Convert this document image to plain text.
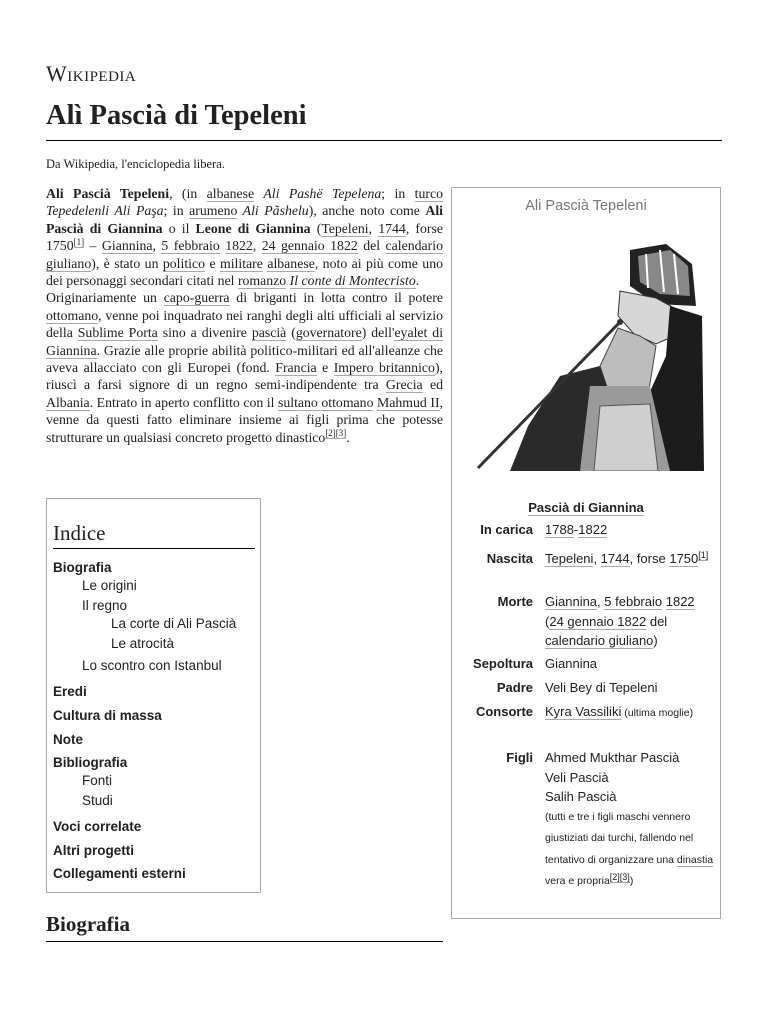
Wikipedia
Alì Pascià di Tepeleni
Da Wikipedia, l'enciclopedia libera.

Ali Pascià Tepeleni, (in albanese Ali Pashë Tepelena; in turco Tepedelenli Ali Paşa; in arumeno Ali Pãshelu), anche noto come Ali Pascià di Giannina o il Leone di Giannina (Tepeleni, 1744, forse 1750[1] – Giannina, 5 febbraio 1822, 24 gennaio 1822 del calendario giuliano), è stato un politico e militare albanese, noto ai più come uno dei personaggi secondari citati nel romanzo Il conte di Montecristo.

Originariamente un capo-guerra di briganti in lotta contro il potere ottomano, venne poi inquadrato nei ranghi degli alti ufficiali al servizio della Sublime Porta sino a divenire pascià (governatore) dell'eyalet di Giannina. Grazie alle proprie abilità politico-militari ed all'alleanze che aveva allacciato con gli Europei (fond. Francia e Impero britannico), riuscì a farsi signore di un regno semi-indipendente tra Grecia ed Albania. Entrato in aperto conflitto con il sultano ottomano Mahmud II, venne da questi fatto eliminare insieme ai figli prima che potesse strutturare un qualsiasi concreto progetto dinastico[2][3].

Ali Pascià Tepeleni
Pascià di Giannina
In carica 1788-1822
Nascita Tepeleni, 1744, forse 1750[1]
Morte Giannina, 5 febbraio 1822 (24 gennaio 1822 del calendario giuliano)
Sepoltura Giannina
Padre Veli Bey di Tepeleni
Consorte Kyra Vassiliki (ultima moglie)
Figli Ahmed Mukthar Pascià
Veli Pascià
Salih Pascià
(tutti e tre i figli maschi vennero giustiziati dai turchi, fallendo nel tentativo di organizzare una dinastia vera e propria[2][3])
Indice
Biografia
Le origini
Il regno
La corte di Ali Pascià
Le atrocità
Lo scontro con Istanbul
Eredi
Cultura di massa
Note
Bibliografia
Fonti
Studi
Voci correlate
Altri progetti
Collegamenti esterni
Biografia
